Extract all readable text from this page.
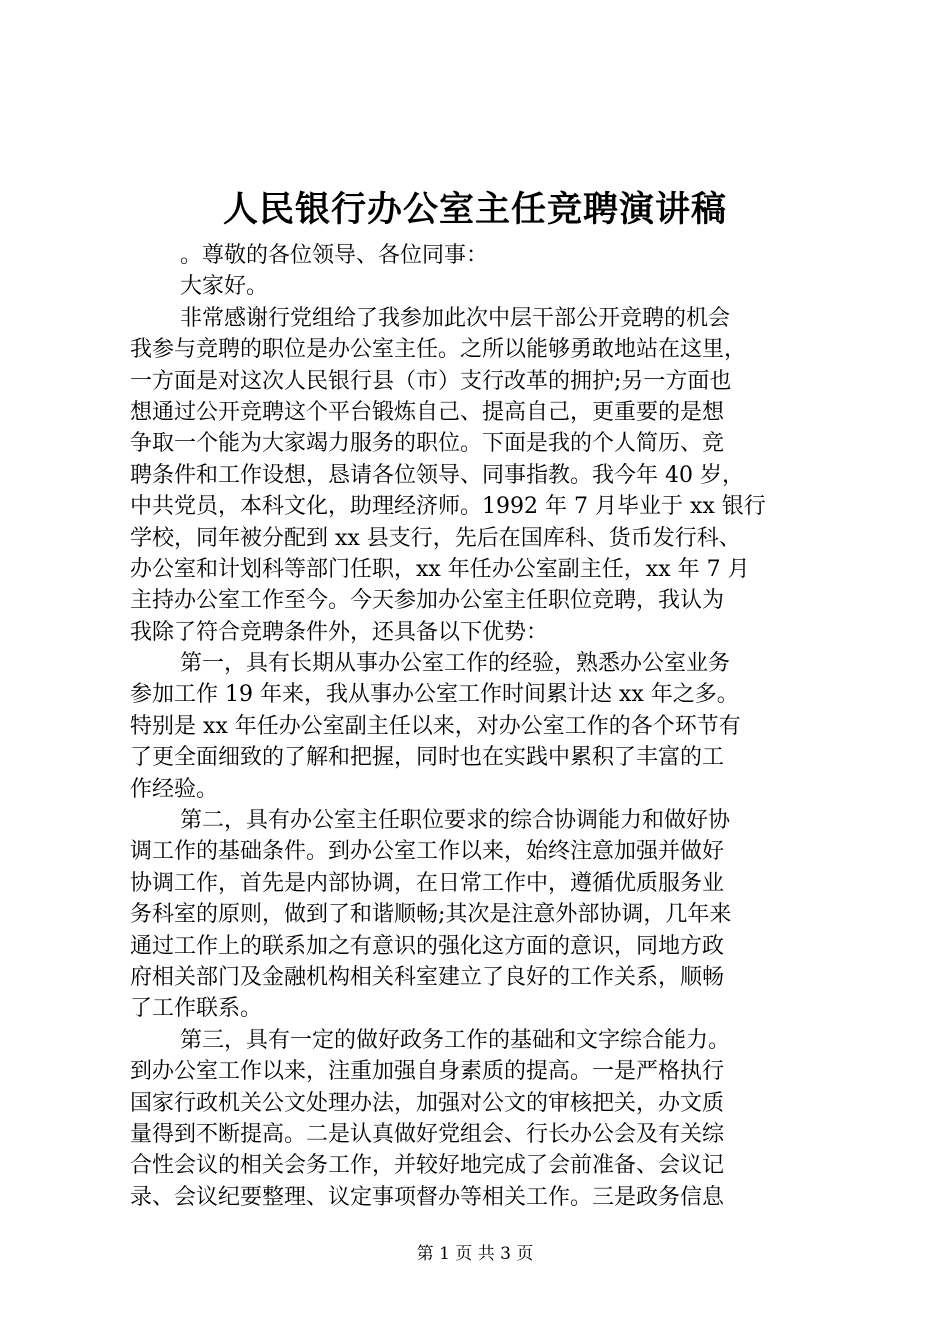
人民银行办公室主任竞聘演讲稿
。尊敬的各位领导、各位同事：
大家好。
非常感谢行党组给了我参加此次中层干部公开竞聘的机会
我参与竞聘的职位是办公室主任。之所以能够勇敢地站在这里，
一方面是对这次人民银行县（市）支行改革的拥护;另一方面也
想通过公开竞聘这个平台锻炼自己、提高自己，更重要的是想
争取一个能为大家竭力服务的职位。下面是我的个人简历、竞
聘条件和工作设想，恳请各位领导、同事指教。我今年 40 岁，
中共党员，本科文化，助理经济师。1992 年 7 月毕业于 xx 银行
学校，同年被分配到 xx 县支行，先后在国库科、货币发行科、
办公室和计划科等部门任职，xx 年任办公室副主任，xx 年 7 月
主持办公室工作至今。今天参加办公室主任职位竞聘，我认为
我除了符合竞聘条件外，还具备以下优势：
第一，具有长期从事办公室工作的经验，熟悉办公室业务
参加工作 19 年来，我从事办公室工作时间累计达 xx 年之多。
特别是 xx 年任办公室副主任以来，对办公室工作的各个环节有
了更全面细致的了解和把握，同时也在实践中累积了丰富的工
作经验。
第二，具有办公室主任职位要求的综合协调能力和做好协
调工作的基础条件。到办公室工作以来，始终注意加强并做好
协调工作，首先是内部协调，在日常工作中，遵循优质服务业
务科室的原则，做到了和谐顺畅;其次是注意外部协调，几年来
通过工作上的联系加之有意识的强化这方面的意识，同地方政
府相关部门及金融机构相关科室建立了良好的工作关系，顺畅
了工作联系。
第三，具有一定的做好政务工作的基础和文字综合能力。
到办公室工作以来，注重加强自身素质的提高。一是严格执行
国家行政机关公文处理办法，加强对公文的审核把关，办文质
量得到不断提高。二是认真做好党组会、行长办公会及有关综
合性会议的相关会务工作，并较好地完成了会前准备、会议记
录、会议纪要整理、议定事项督办等相关工作。三是政务信息
第 1 页 共 3 页
